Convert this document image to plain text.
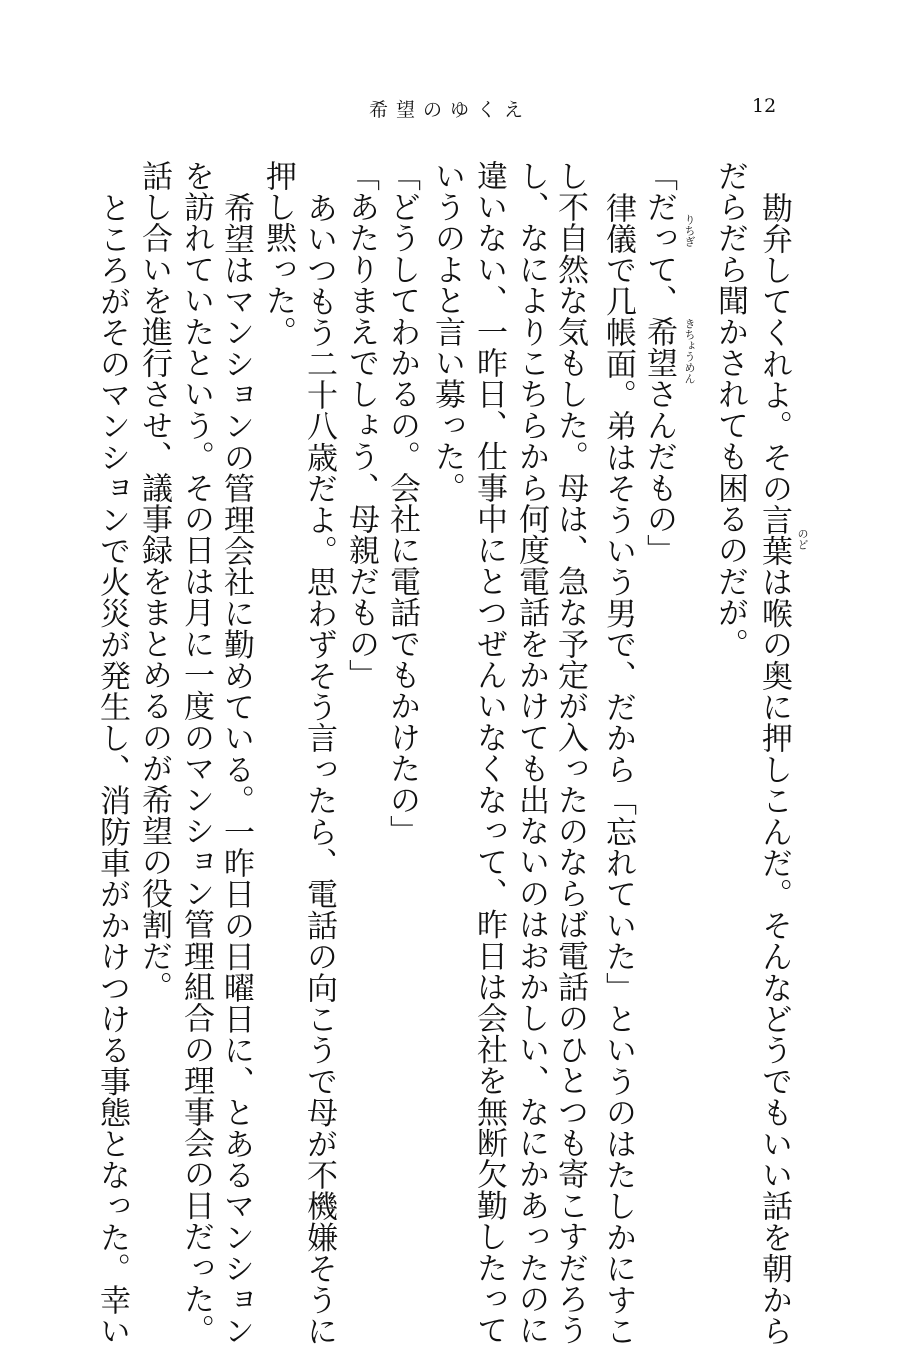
希望のゆくえ	12
勘弁してくれよ。その言葉は喉の奥に押しこんだ。そんなどうでもいい話を朝から
だらだら聞かされても困るのだが。
「だって、希望さんだもの」
律儀で几帳面。弟はそういう男で、だから「忘れていた」というのはたしかにすこ
し不自然な気もした。母は、急な予定が入ったのならば電話のひとつも寄こすだろう
し、なによりこちらから何度電話をかけても出ないのはおかしい、なにかあったのに
違いない、一昨日、仕事中にとつぜんいなくなって、昨日は会社を無断欠勤したって
いうのよと言い募った。
「どうしてわかるの。会社に電話でもかけたの」
「あたりまえでしょう、母親だもの」
あいつもう二十八歳だよ。思わずそう言ったら、電話の向こうで母が不機嫌そうに
押し黙った。
希望はマンションの管理会社に勤めている。一昨日の日曜日に、とあるマンション
を訪れていたという。その日は月に一度のマンション管理組合の理事会の日だった。
話し合いを進行させ、議事録をまとめるのが希望の役割だ。
ところがそのマンションで火災が発生し、消防車がかけつける事態となった。幸い	のど
りちぎ
きちょうめん
